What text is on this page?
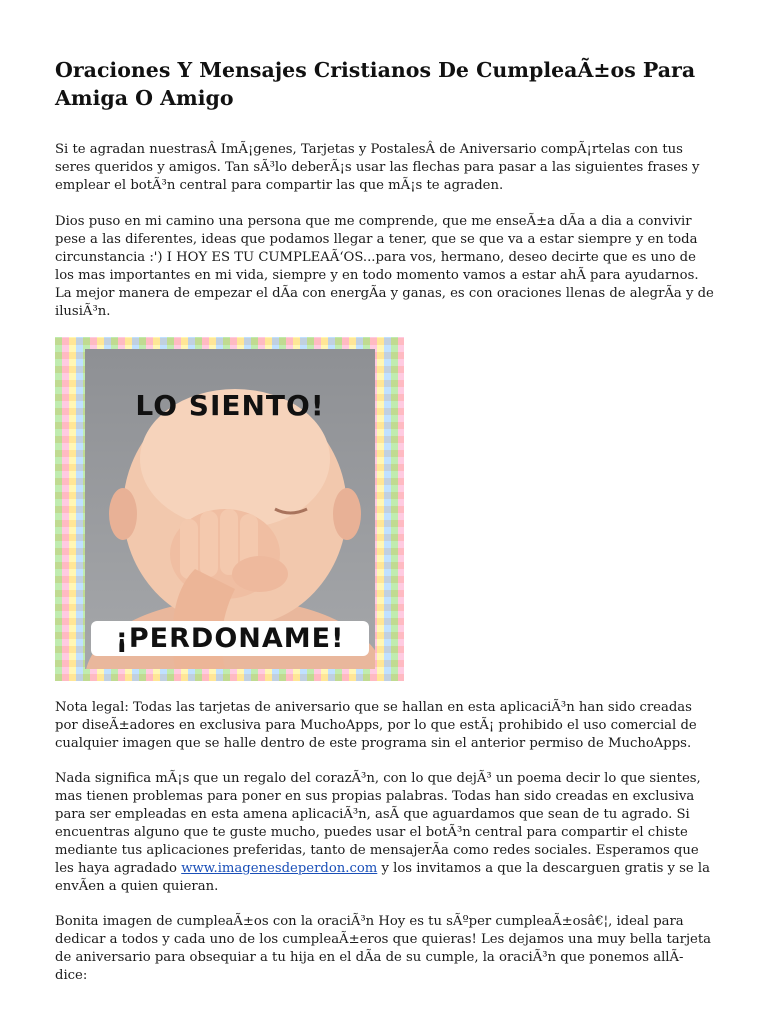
Oraciones Y Mensajes Cristianos De CumpleaÃ±os Para Amiga O Amigo

Si te agradan nuestrasÂ ImÃ¡genes, Tarjetas y PostalesÂ de Aniversario compÃ¡rtelas con tus seres queridos y amigos. Tan sÃ³lo deberÃ¡s usar las flechas para pasar a las siguientes frases y emplear el botÃ³n central para compartir las que mÃ¡s te agraden.

Dios puso en mi camino una persona que me comprende, que me enseÃ±a dÃa a dia a convivir pese a las diferentes, ideas que podamos llegar a tener, que se que va a estar siempre y en toda circunstancia :') I HOY ES TU CUMPLEAÃ‘OS...para vos, hermano, deseo decirte que es uno de los mas importantes en mi vida, siempre y en todo momento vamos a estar ahÃ para ayudarnos. La mejor manera de empezar el dÃa con energÃa y ganas, es con oraciones llenas de alegrÃa y de ilusiÃ³n.

LO SIENTO!
¡PERDONAME!

Nota legal: Todas las tarjetas de aniversario que se hallan en esta aplicaciÃ³n han sido creadas por diseÃ±adores en exclusiva para MuchoApps, por lo que estÃ¡ prohibido el uso comercial de cualquier imagen que se halle dentro de este programa sin el anterior permiso de MuchoApps.

Nada significa mÃ¡s que un regalo del corazÃ³n, con lo que dejÃ³ un poema decir lo que sientes, mas tienen problemas para poner en sus propias palabras. Todas han sido creadas en exclusiva para ser empleadas en esta amena aplicaciÃ³n, asÃ que aguardamos que sean de tu agrado. Si encuentras alguno que te guste mucho, puedes usar el botÃ³n central para compartir el chiste mediante tus aplicaciones preferidas, tanto de mensajerÃa como redes sociales. Esperamos que les haya agradado www.imagenesdeperdon.com y los invitamos a que la descarguen gratis y se la envÃen a quien quieran.

Bonita imagen de cumpleaÃ±os con la oraciÃ³n Hoy es tu sÃºper cumpleaÃ±osâ€¦, ideal para dedicar a todos y cada uno de los cumpleaÃ±eros que quieras! Les dejamos una muy bella tarjeta de aniversario para obsequiar a tu hija en el dÃa de su cumple, la oraciÃ³n que ponemos allÃ dice:
